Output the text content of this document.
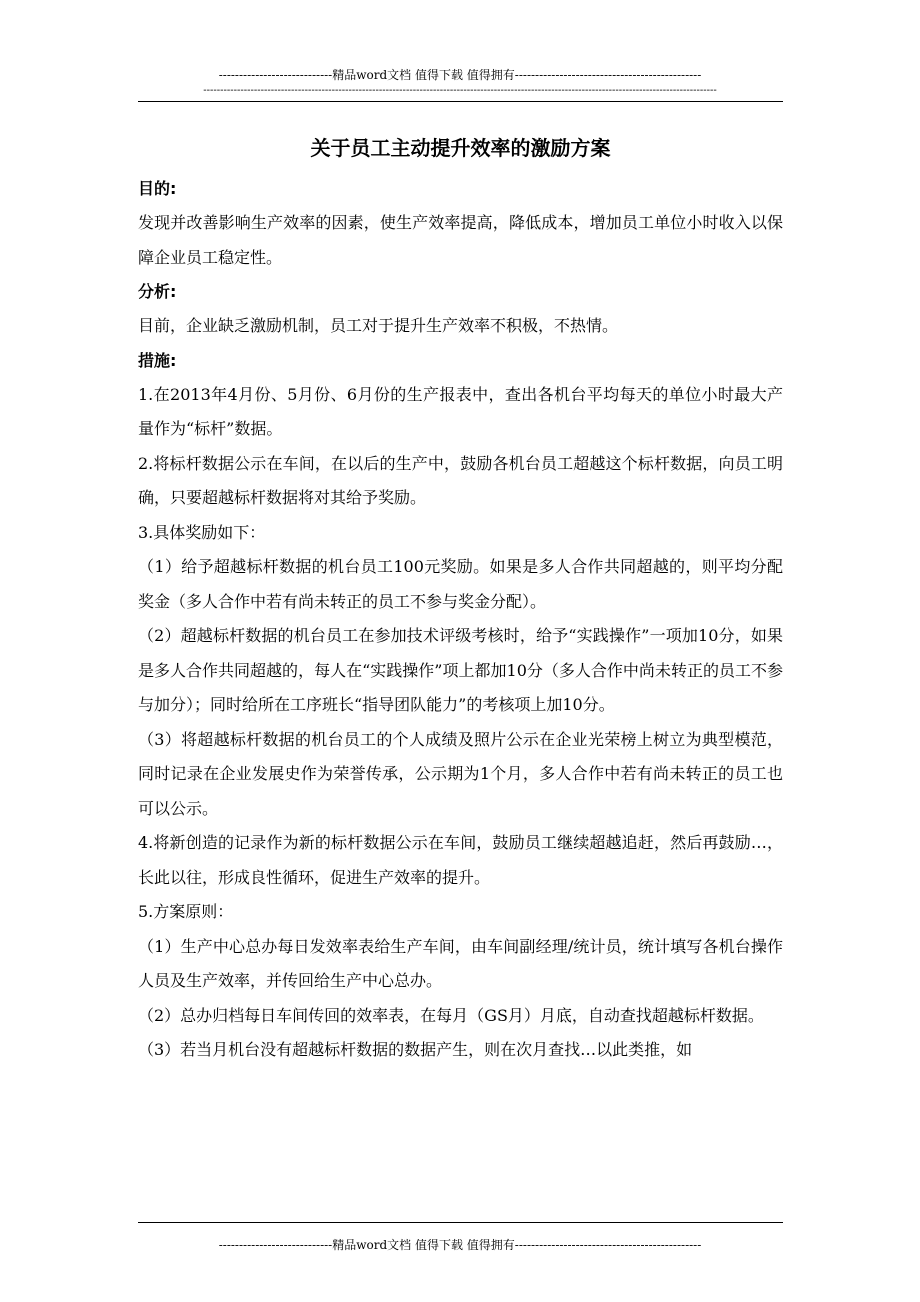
----------------------------精品word文档 值得下载 值得拥有----------------------------------------------
--------------------------------------------------------------------------------------------------------------------------------------------------------
关于员工主动提升效率的激励方案

目的:

发现并改善影响生产效率的因素，使生产效率提高，降低成本，增加员工单位小时收入以保障企业员工稳定性。

分析:

目前，企业缺乏激励机制，员工对于提升生产效率不积极，不热情。

措施:

1.在2013年4月份、5月份、6月份的生产报表中，查出各机台平均每天的单位小时最大产量作为“标杆”数据。

2.将标杆数据公示在车间，在以后的生产中，鼓励各机台员工超越这个标杆数据，向员工明确，只要超越标杆数据将对其给予奖励。

3.具体奖励如下：

（1）给予超越标杆数据的机台员工100元奖励。如果是多人合作共同超越的，则平均分配奖金（多人合作中若有尚未转正的员工不参与奖金分配）。

（2）超越标杆数据的机台员工在参加技术评级考核时，给予“实践操作”一项加10分，如果是多人合作共同超越的，每人在“实践操作”项上都加10分（多人合作中尚未转正的员工不参与加分）；同时给所在工序班长“指导团队能力”的考核项上加10分。

（3）将超越标杆数据的机台员工的个人成绩及照片公示在企业光荣榜上树立为典型模范，同时记录在企业发展史作为荣誉传承，公示期为1个月，多人合作中若有尚未转正的员工也可以公示。

4.将新创造的记录作为新的标杆数据公示在车间，鼓励员工继续超越追赶，然后再鼓励…，长此以往，形成良性循环，促进生产效率的提升。

5.方案原则：

（1）生产中心总办每日发效率表给生产车间，由车间副经理/统计员，统计填写各机台操作人员及生产效率，并传回给生产中心总办。

（2）总办归档每日车间传回的效率表，在每月（GS月）月底，自动查找超越标杆数据。

（3）若当月机台没有超越标杆数据的数据产生，则在次月查找…以此类推，如

----------------------------精品word文档 值得下载 值得拥有----------------------------------------------
